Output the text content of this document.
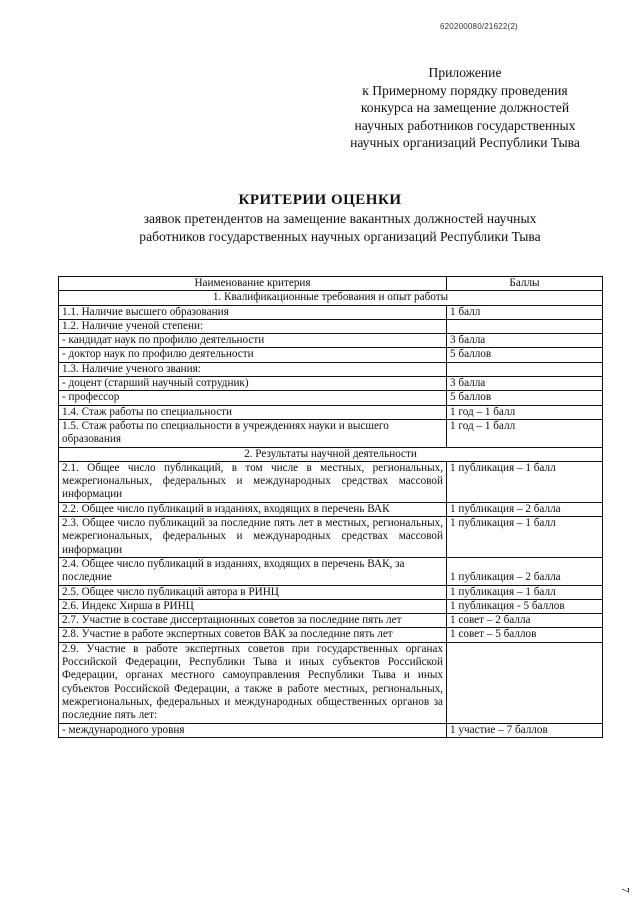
620200080/21622(2)
Приложение
к Примерному порядку проведения
конкурса на замещение должностей
научных работников государственных
научных организаций Республики Тыва
КРИТЕРИИ ОЦЕНКИ
заявок претендентов на замещение вакантных должностей научных
работников государственных научных организаций Республики Тыва
Наименование критерия	Баллы
1. Квалификационные требования и опыт работы	
1.1. Наличие высшего образования	1 балл
1.2. Наличие ученой степени:	
- кандидат наук по профилю деятельности	3 балла
- доктор наук по профилю деятельности	5 баллов
1.3. Наличие ученого звания:	
- доцент (старший научный сотрудник)	3 балла
- профессор	5 баллов
1.4. Стаж работы по специальности	1 год – 1 балл
1.5. Стаж работы по специальности в учреждениях науки и высшего образования	1 год – 1 балл
2. Результаты научной деятельности	
2.1. Общее число публикаций, в том числе в местных, региональных, межрегиональных, федеральных и международных средствах массовой информации	1 публикация – 1 балл
2.2. Общее число публикаций в изданиях, входящих в перечень ВАК	1 публикация – 2 балла
2.3. Общее число публикаций за последние пять лет в местных, региональных, межрегиональных, федеральных и международных средствах массовой информации	1 публикация – 1 балл
2.4. Общее число публикаций в изданиях, входящих в перечень ВАК, за последние	1 публикация – 2 балла
2.5. Общее число публикаций автора в РИНЦ	1 публикация – 1 балл
2.6. Индекс Хирша в РИНЦ	1 публикация - 5 баллов
2.7. Участие в составе диссертационных советов за последние пять лет	1 совет – 2 балла
2.8. Участие в работе экспертных советов ВАК за последние пять лет	1 совет – 5 баллов
2.9. Участие в работе экспертных советов при государственных органах Российской Федерации, Республики Тыва и иных субъектов Российской Федерации, органах местного самоуправления Республики Тыва и иных субъектов Российской Федерации, а также в работе местных, региональных, межрегиональных, федеральных и международных общественных органов за последние пять лет:	
- международного уровня	1 участие – 7 баллов
7
